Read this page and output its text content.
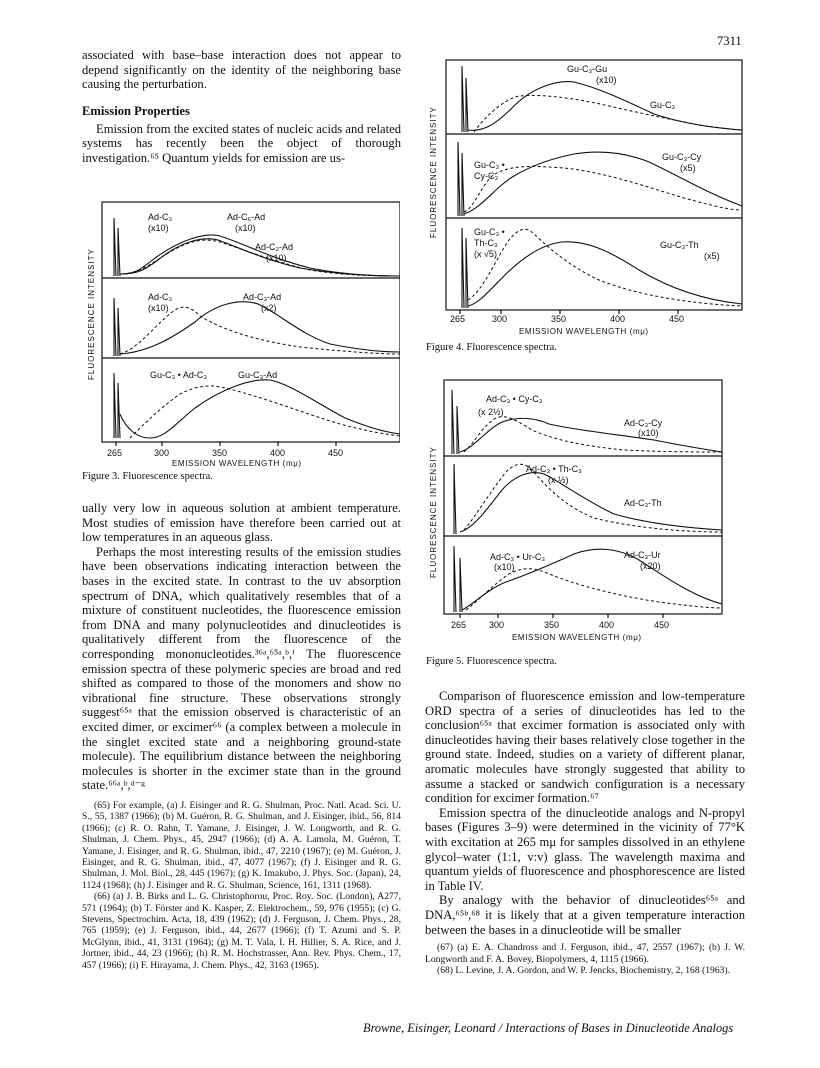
7311

associated with base–base interaction does not appear to depend significantly on the identity of the neighboring base causing the perturbation.

Emission Properties

Emission from the excited states of nucleic acids and related systems has recently been the object of thorough investigation.⁶⁵ Quantum yields for emission are us-

FLUORESCENCE INTENSITY
265	300	350	400	450
EMISSION WAVELENGTH (mμ)
Ad-C₃
(x10)
Ad-C₆-Ad
(x10)
Ad-C₂-Ad
(x10)
Ad-C₃
(x10)
Ad-C₃-Ad
(x2)
Gu-C₃ • Ad-C₃	Gu-C₃-Ad
Figure 3. Fluorescence spectra.

ually very low in aqueous solution at ambient temperature. Most studies of emission have therefore been carried out at low temperatures in an aqueous glass.

Perhaps the most interesting results of the emission studies have been observations indicating interaction between the bases in the excited state. In contrast to the uv absorption spectrum of DNA, which qualitatively resembles that of a mixture of constituent nucleotides, the fluorescence emission from DNA and many polynucleotides and dinucleotides is qualitatively different from the fluorescence of the corresponding mononucleotides.³⁶ᵃ,⁶⁵ᵃ,ᵇ,ᶠ The fluorescence emission spectra of these polymeric species are broad and red shifted as compared to those of the monomers and show no vibrational fine structure. These observations strongly suggest⁶⁵ᵃ that the emission observed is characteristic of an excited dimer, or excimer⁶⁶ (a complex between a molecule in the singlet excited state and a neighboring ground-state molecule). The equilibrium distance between the neighboring molecules is shorter in the excimer state than in the ground state.⁶⁶ᵃ,ᵇ,ᵈ⁻ᵍ

(65) For example, (a) J. Eisinger and R. G. Shulman, Proc. Natl. Acad. Sci. U. S., 55, 1387 (1966); (b) M. Guéron, R. G. Shulman, and J. Eisinger, ibid., 56, 814 (1966); (c) R. O. Rahn, T. Yamane, J. Eisinger, J. W. Longworth, and R. G. Shulman, J. Chem. Phys., 45, 2947 (1966); (d) A. A. Lamola, M. Guéron, T. Yamane, J. Eisinger, and R. G. Shulman, ibid., 47, 2210 (1967); (e) M. Guéron, J. Eisinger, and R. G. Shulman, ibid., 47, 4077 (1967); (f) J. Eisinger and R. G. Shulman, J. Mol. Biol., 28, 445 (1967); (g) K. Imakubo, J. Phys. Soc. (Japan), 24, 1124 (1968); (h) J. Eisinger and R. G. Shulman, Science, 161, 1311 (1968).

(66) (a) J. B. Birks and L. G. Christophorou, Proc. Roy. Soc. (London), A277, 571 (1964); (b) T. Förster and K. Kasper, Z. Elektrochem., 59, 976 (1955); (c) G. Stevens, Spectrochim. Acta, 18, 439 (1962); (d) J. Ferguson, J. Chem. Phys., 28, 765 (1959); (e) J. Ferguson, ibid., 44, 2677 (1966); (f) T. Azumi and S. P. McGlynn, ibid., 41, 3131 (1964); (g) M. T. Vala, I. H. Hillier, S. A. Rice, and J. Jortner, ibid., 44, 23 (1966); (h) R. M. Hochstrasser, Ann. Rev. Phys. Chem., 17, 457 (1966); (i) F. Hirayama, J. Chem. Phys., 42, 3163 (1965).

FLUORESCENCE INTENSITY
265	300	350	400	450
EMISSION WAVELENGTH (mμ)
Gu-C₃-Gu
(x10)
Gu-C₃
Gu-C₃-Cy
(x5)
Gu-C₃ •
Cy-C₃
Gu-C₃ •
Th-C₃
(x √5)
Gu-C₃-Th
(x5)
Figure 4. Fluorescence spectra.
FLUORESCENCE INTENSITY
265	300	350	400	450
EMISSION WAVELENGTH (mμ)
Ad-C₃ • Cy-C₃
(x 2½)
Ad-C₃-Cy
(x10)
Ad-C₃ • Th-C₃
(x ½)
Ad-C₃-Th
Ad-C₃ • Ur-C₃
(x10)
Ad-C₃-Ur
(x20)
Figure 5. Fluorescence spectra.

Comparison of fluorescence emission and low-temperature ORD spectra of a series of dinucleotides has led to the conclusion⁶⁵ᵃ that excimer formation is associated only with dinucleotides having their bases relatively close together in the ground state. Indeed, studies on a variety of different planar, aromatic molecules have strongly suggested that ability to assume a stacked or sandwich configuration is a necessary condition for excimer formation.⁶⁷

Emission spectra of the dinucleotide analogs and N-propyl bases (Figures 3–9) were determined in the vicinity of 77°K with excitation at 265 mμ for samples dissolved in an ethylene glycol–water (1:1, v:v) glass. The wavelength maxima and quantum yields of fluorescence and phosphorescence are listed in Table IV.

By analogy with the behavior of dinucleotides⁶⁵ᵃ and DNA,⁶⁵ᵇ,⁶⁸ it is likely that at a given temperature interaction between the bases in a dinucleotide will be smaller

(67) (a) E. A. Chandross and J. Ferguson, ibid., 47, 2557 (1967); (b) J. W. Longworth and F. A. Bovey, Biopolymers, 4, 1115 (1966).

(68) L. Levine, J. A. Gordon, and W. P. Jencks, Biochemistry, 2, 168 (1963).

Browne, Eisinger, Leonard / Interactions of Bases in Dinucleotide Analogs
